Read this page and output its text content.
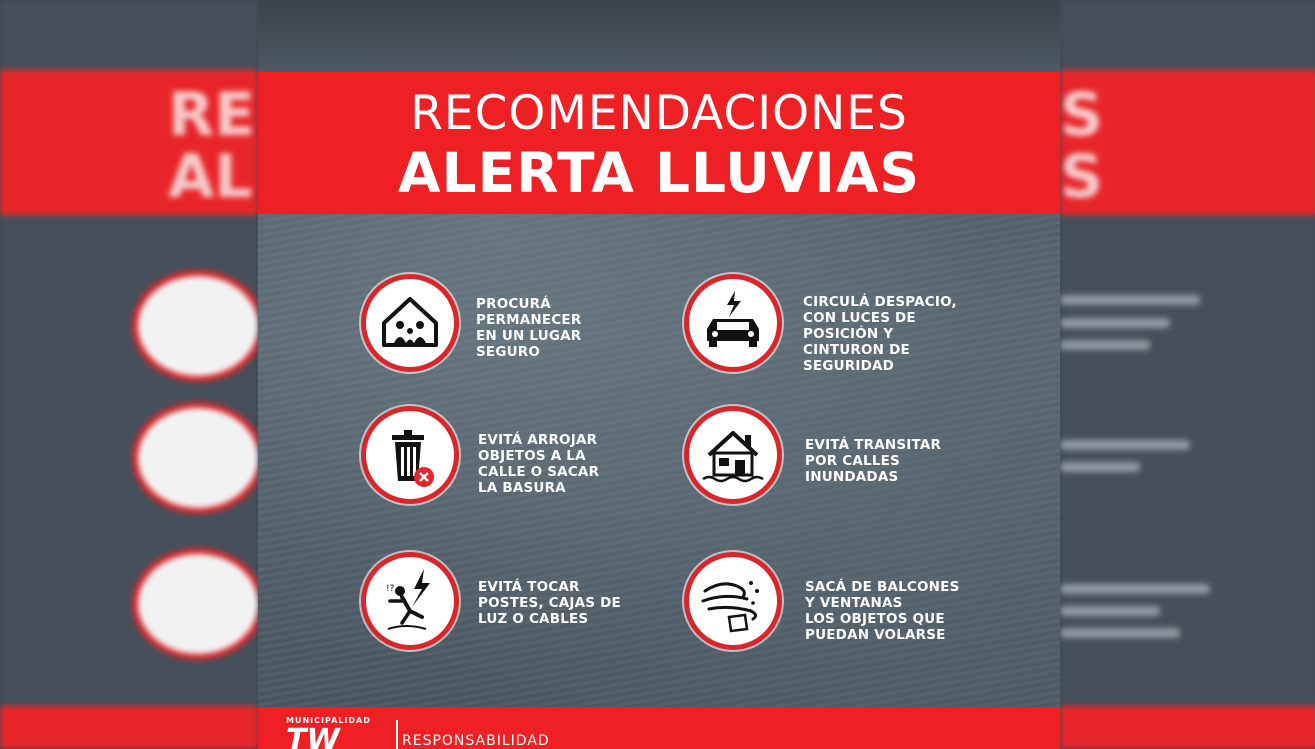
RE
AL
S
S
RECOMENDACIONES
ALERTA LLUVIAS
PROCURÁ
PERMANECER
EN UN LUGAR
SEGURO
CIRCULÁ DESPACIO,
CON LUCES DE
POSICIÓN Y
CINTURON DE
SEGURIDAD
EVITÁ ARROJAR
OBJETOS A LA
CALLE O SACAR
LA BASURA
EVITÁ TRANSITAR
POR CALLES
INUNDADAS
!?	EVITÁ TOCAR
POSTES, CAJAS DE
LUZ O CABLES
SACÁ DE BALCONES
Y VENTANAS
LOS OBJETOS QUE
PUEDAN VOLARSE
MUNICIPALIDAD
TW	RESPONSABILIDAD
